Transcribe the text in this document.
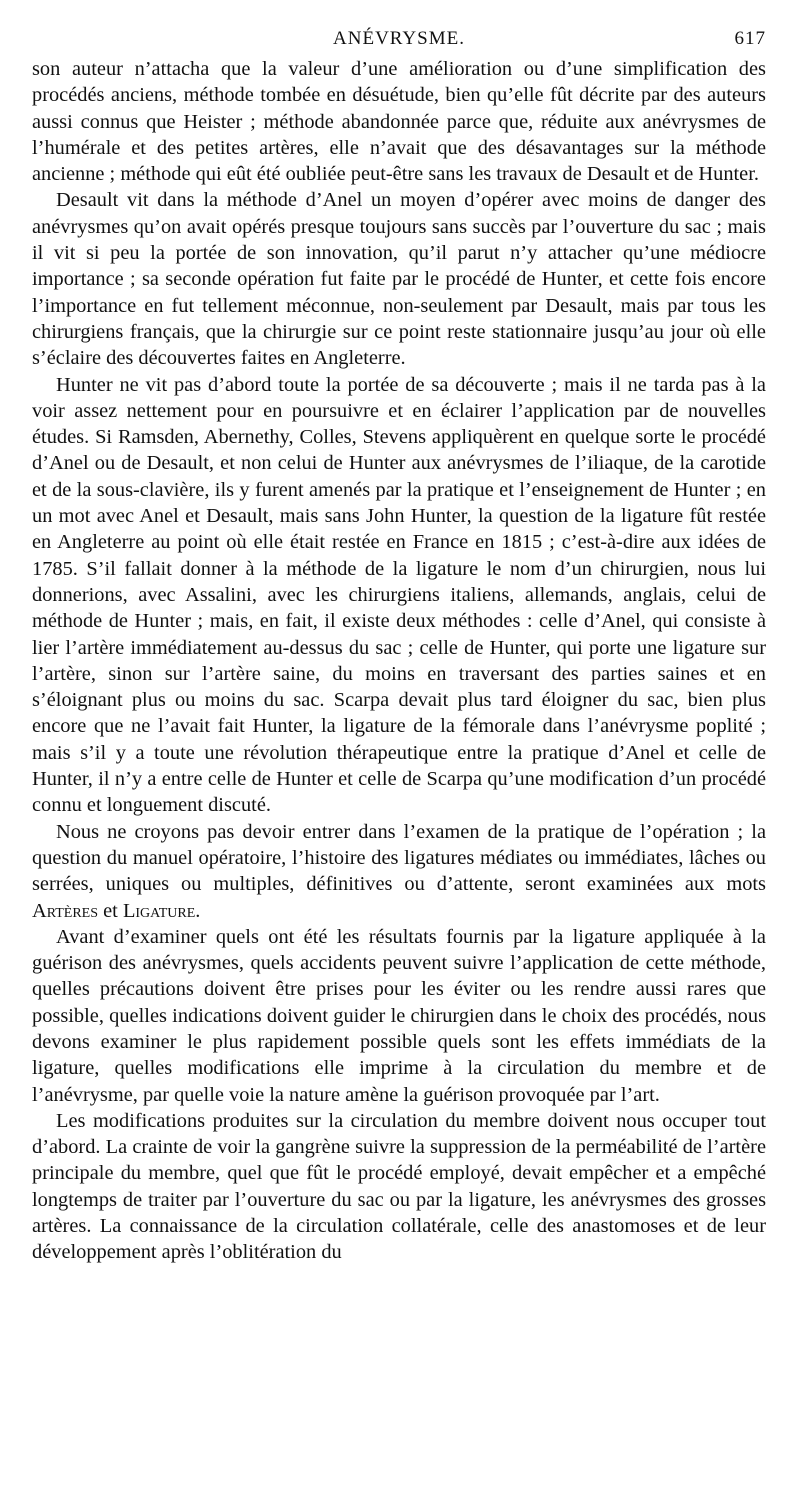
ANÉVRYSME.	617

son auteur n’attacha que la valeur d’une amélioration ou d’une simplification des procédés anciens, méthode tombée en désuétude, bien qu’elle fût décrite par des auteurs aussi connus que Heister ; méthode abandonnée parce que, réduite aux anévrysmes de l’humérale et des petites artères, elle n’avait que des désavantages sur la méthode ancienne ; méthode qui eût été oubliée peut-être sans les travaux de Desault et de Hunter.

Desault vit dans la méthode d’Anel un moyen d’opérer avec moins de danger des anévrysmes qu’on avait opérés presque toujours sans succès par l’ouverture du sac ; mais il vit si peu la portée de son innovation, qu’il parut n’y attacher qu’une médiocre importance ; sa seconde opération fut faite par le procédé de Hunter, et cette fois encore l’importance en fut tellement méconnue, non-seulement par Desault, mais par tous les chirurgiens français, que la chirurgie sur ce point reste stationnaire jusqu’au jour où elle s’éclaire des découvertes faites en Angleterre.

Hunter ne vit pas d’abord toute la portée de sa découverte ; mais il ne tarda pas à la voir assez nettement pour en poursuivre et en éclairer l’application par de nouvelles études. Si Ramsden, Abernethy, Colles, Stevens appliquèrent en quelque sorte le procédé d’Anel ou de Desault, et non celui de Hunter aux anévrysmes de l’iliaque, de la carotide et de la sous-clavière, ils y furent amenés par la pratique et l’enseignement de Hunter ; en un mot avec Anel et Desault, mais sans John Hunter, la question de la ligature fût restée en Angleterre au point où elle était restée en France en 1815 ; c’est-à-dire aux idées de 1785. S’il fallait donner à la méthode de la ligature le nom d’un chirurgien, nous lui donnerions, avec Assalini, avec les chirurgiens italiens, allemands, anglais, celui de méthode de Hunter ; mais, en fait, il existe deux méthodes : celle d’Anel, qui consiste à lier l’artère immédiatement au-dessus du sac ; celle de Hunter, qui porte une ligature sur l’artère, sinon sur l’artère saine, du moins en traversant des parties saines et en s’éloignant plus ou moins du sac. Scarpa devait plus tard éloigner du sac, bien plus encore que ne l’avait fait Hunter, la ligature de la fémorale dans l’anévrysme poplité ; mais s’il y a toute une révolution thérapeutique entre la pratique d’Anel et celle de Hunter, il n’y a entre celle de Hunter et celle de Scarpa qu’une modification d’un procédé connu et longuement discuté.

Nous ne croyons pas devoir entrer dans l’examen de la pratique de l’opération ; la question du manuel opératoire, l’histoire des ligatures médiates ou immédiates, lâches ou serrées, uniques ou multiples, définitives ou d’attente, seront examinées aux mots Artères et Ligature.

Avant d’examiner quels ont été les résultats fournis par la ligature appliquée à la guérison des anévrysmes, quels accidents peuvent suivre l’application de cette méthode, quelles précautions doivent être prises pour les éviter ou les rendre aussi rares que possible, quelles indications doivent guider le chirurgien dans le choix des procédés, nous devons examiner le plus rapidement possible quels sont les effets immédiats de la ligature, quelles modifications elle imprime à la circulation du membre et de l’anévrysme, par quelle voie la nature amène la guérison provoquée par l’art.

Les modifications produites sur la circulation du membre doivent nous occuper tout d’abord. La crainte de voir la gangrène suivre la suppression de la perméabilité de l’artère principale du membre, quel que fût le procédé employé, devait empêcher et a empêché longtemps de traiter par l’ouverture du sac ou par la ligature, les anévrysmes des grosses artères. La connaissance de la circulation collatérale, celle des anastomoses et de leur développement après l’oblitération du
